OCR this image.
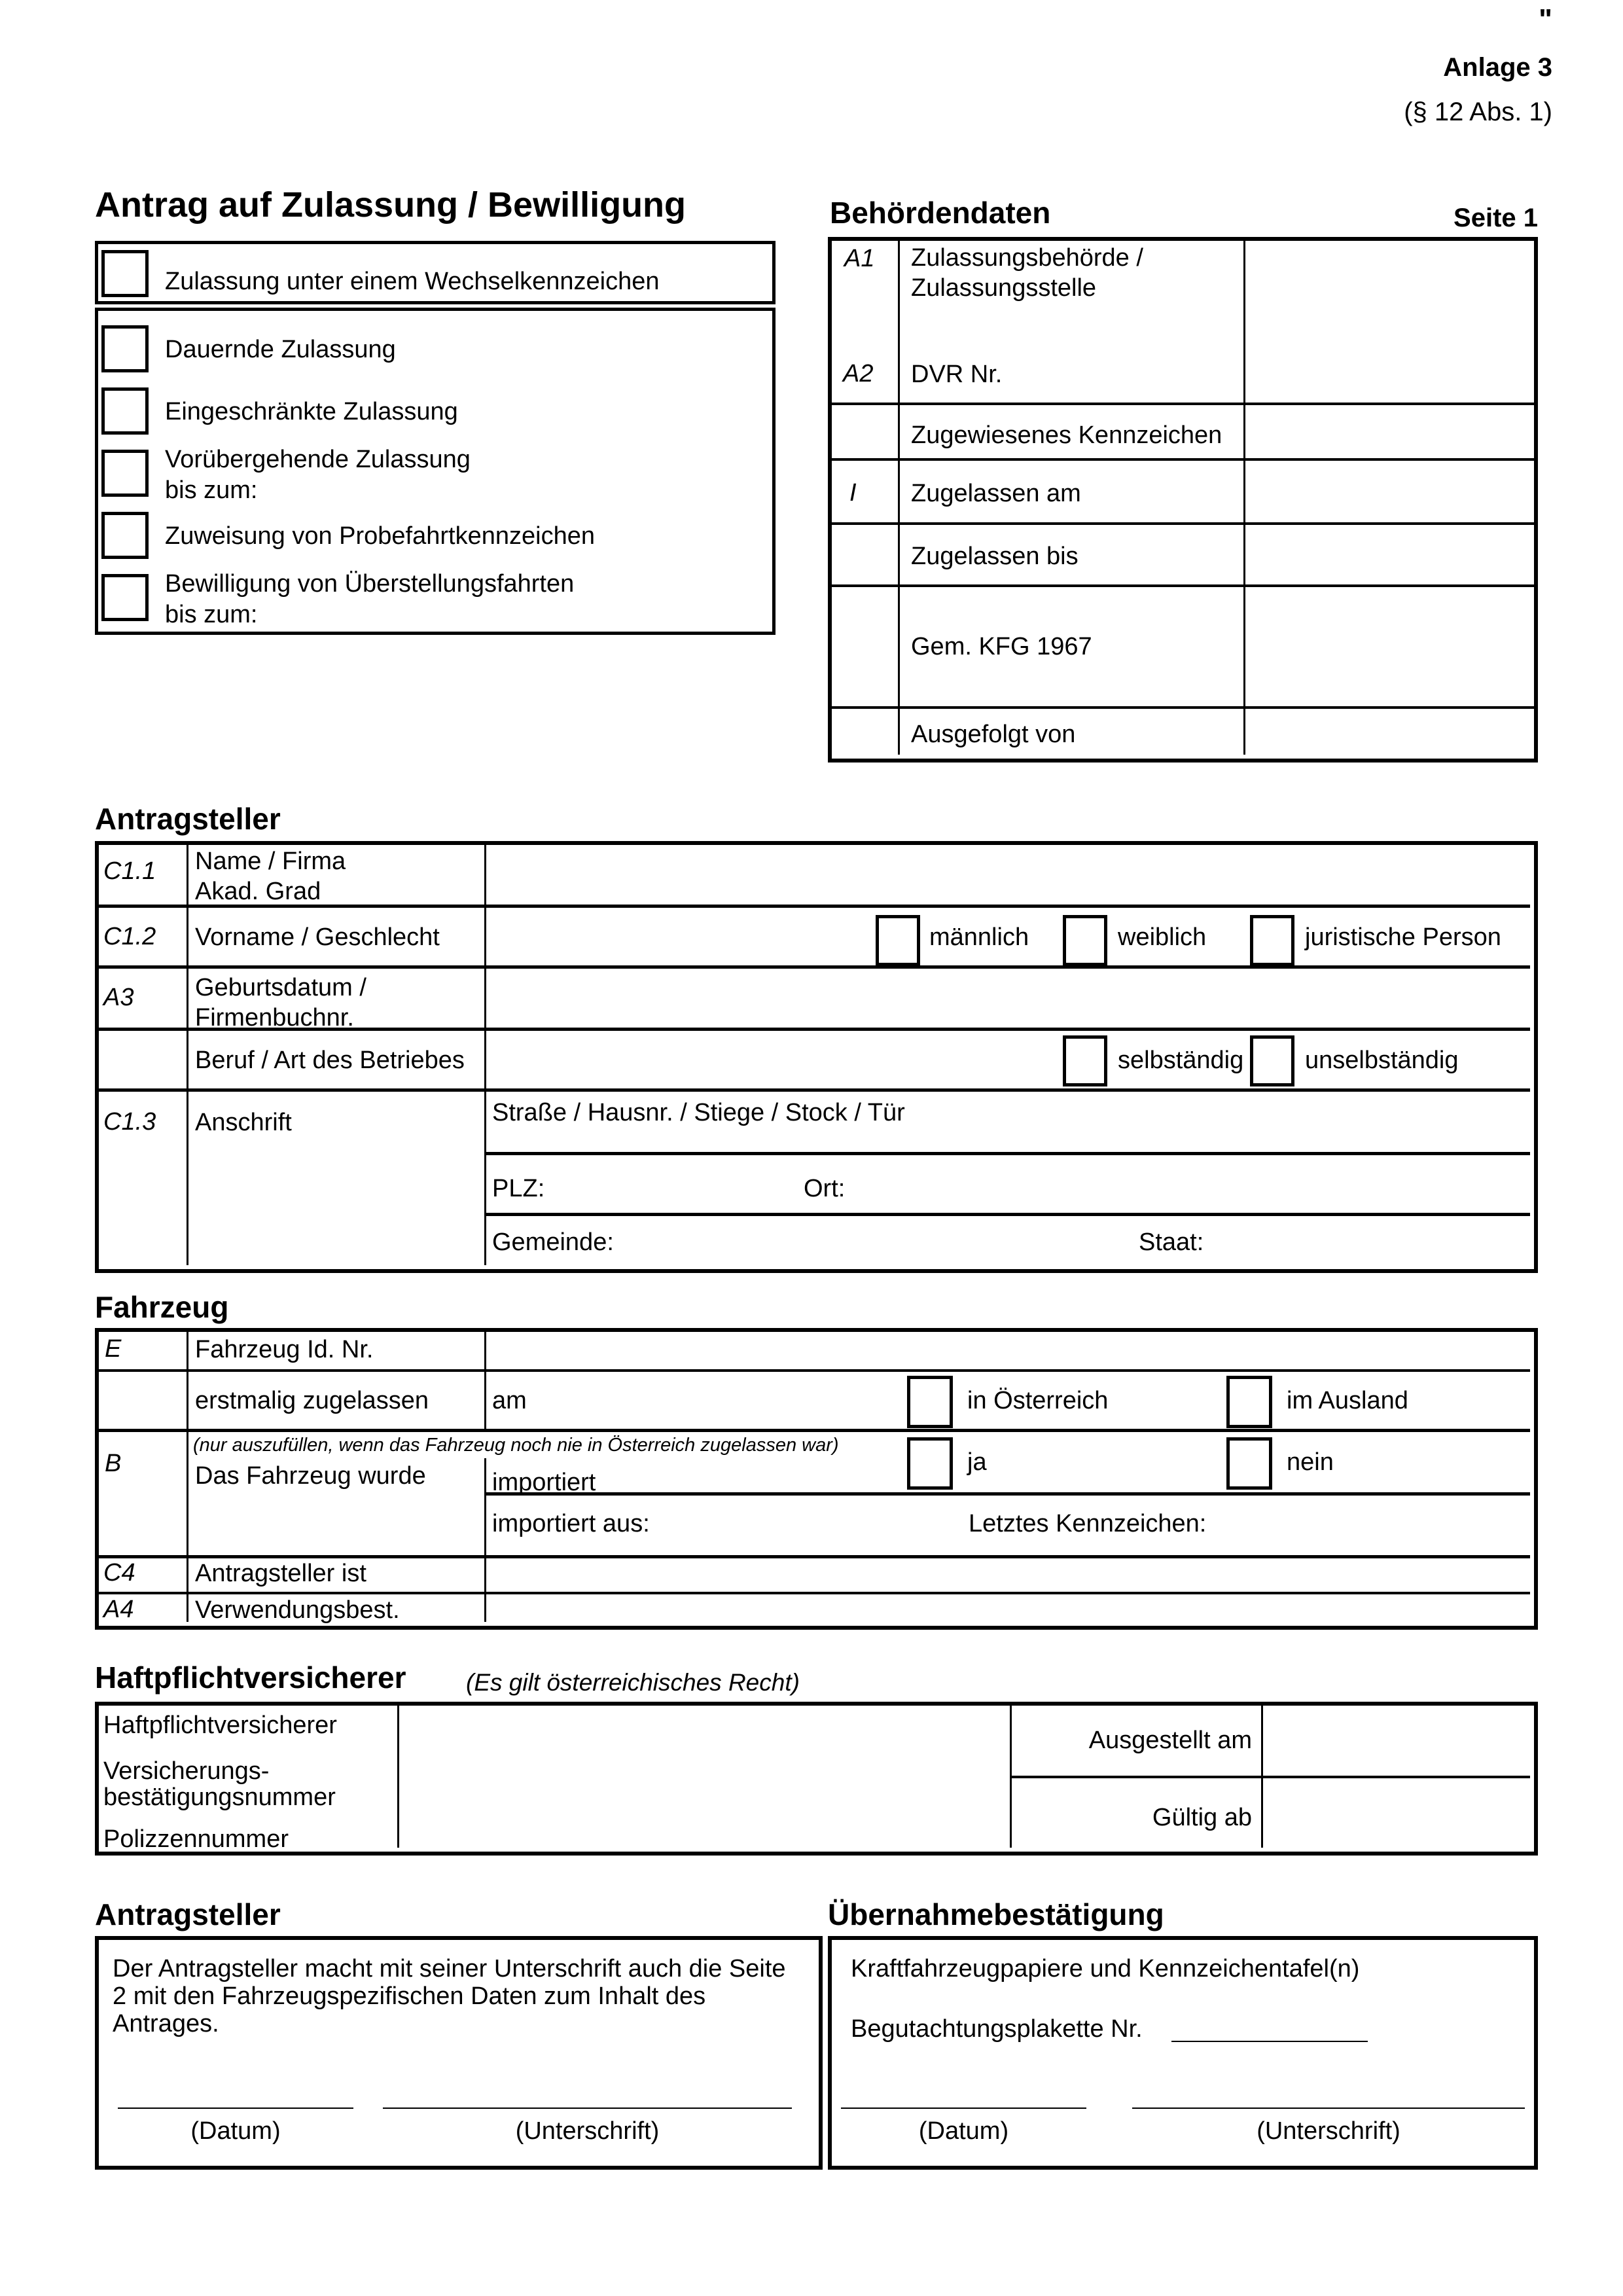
"
Anlage 3
(§ 12 Abs. 1)
Antrag auf Zulassung / Bewilligung
Zulassung unter einem Wechselkennzeichen
Dauernde Zulassung
Eingeschränkte Zulassung
Vorübergehende Zulassung
bis zum:
Zuweisung von Probefahrtkennzeichen
Bewilligung von Überstellungsfahrten
bis zum:
Behördendaten	Seite 1
A1 Zulassungsbehörde /
Zulassungsstelle
A2 DVR Nr.
Zugewiesenes Kennzeichen
I Zugelassen am
Zugelassen bis
Gem. KFG 1967
Ausgefolgt von
Antragsteller
C1.1 Name / Firma
Akad. Grad
C1.2 Vorname / Geschlecht	männlich	weiblich	juristische Person
A3 Geburtsdatum /
Firmenbuchnr.
Beruf / Art des Betriebes	selbständig unselbständig
C1.3 Anschrift	Straße / Hausnr. / Stiege / Stock / Tür
PLZ:	Ort:
Gemeinde:	Staat:
Fahrzeug
E	Fahrzeug Id. Nr.
erstmalig zugelassen	am	in Österreich	im Ausland
B
(nur auszufüllen, wenn das Fahrzeug noch nie in Österreich zugelassen war)
Das Fahrzeug wurde	importiert
ja	nein
importiert aus:	Letztes Kennzeichen:
C4 Antragsteller ist
A4 Verwendungsbest.
Haftpflichtversicherer (Es gilt österreichisches Recht)
Haftpflichtversicherer
Versicherungs-
bestätigungsnummer
Polizzennummer
Ausgestellt am
Gültig ab
Antragsteller
Der Antragsteller macht mit seiner Unterschrift auch die Seite
2 mit den Fahrzeugspezifischen Daten zum Inhalt des
Antrages.
(Datum)	(Unterschrift)
Übernahmebestätigung
Kraftfahrzeugpapiere und Kennzeichentafel(n)
Begutachtungsplakette Nr.
(Datum)	(Unterschrift)
